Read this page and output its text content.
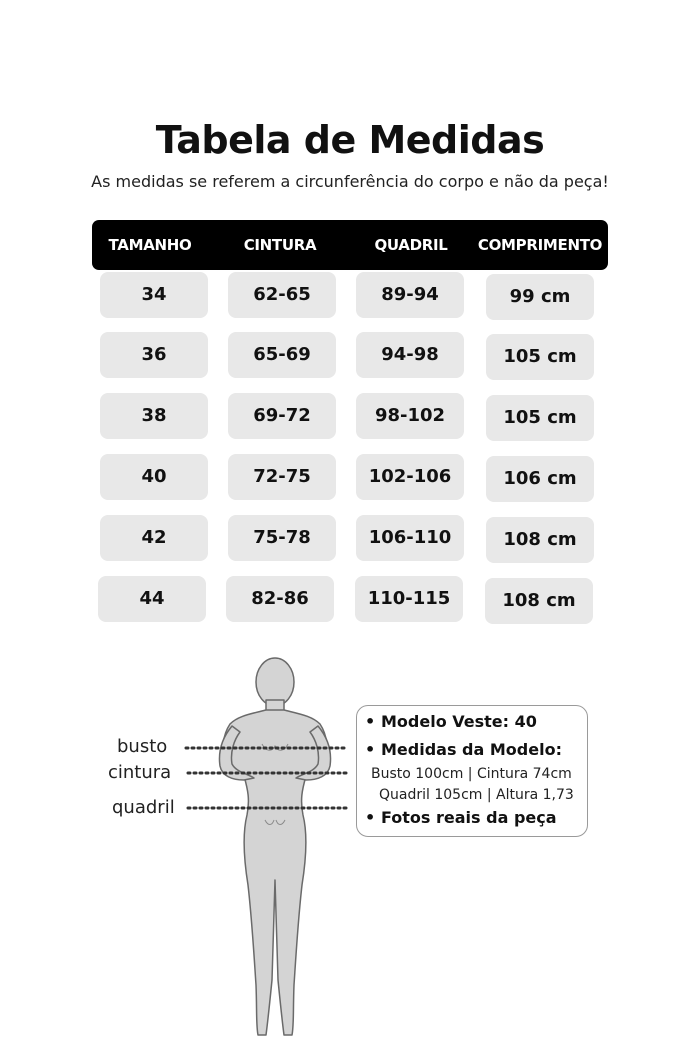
Tabela de Medidas
As medidas se referem a circunferência do corpo e não da peça!
TAMANHO	CINTURA	QUADRIL	COMPRIMENTO
34	62-65	89-94	99 cm
36	65-69	94-98	105 cm
38	69-72	98-102	105 cm
40	72-75	102-106	106 cm
42	75-78	106-110	108 cm
44	82-86	110-115	108 cm
busto
cintura
quadril
• Modelo Veste: 40
• Medidas da Modelo:
Busto 100cm | Cintura 74cm
Quadril 105cm | Altura 1,73
• Fotos reais da peça
